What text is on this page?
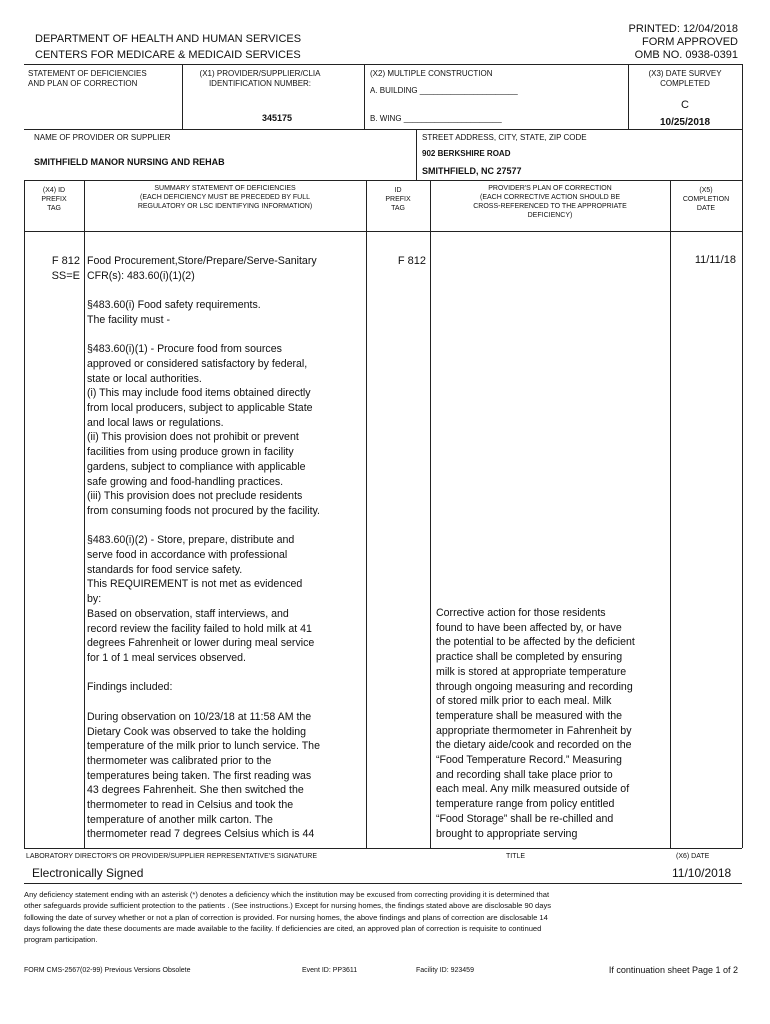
DEPARTMENT OF HEALTH AND HUMAN SERVICES
CENTERS FOR MEDICARE & MEDICAID SERVICES
PRINTED: 12/04/2018
FORM APPROVED
OMB NO. 0938-0391
STATEMENT OF DEFICIENCIES
AND PLAN OF CORRECTION
(X1) PROVIDER/SUPPLIER/CLIA
IDENTIFICATION NUMBER:
345175
(X2) MULTIPLE CONSTRUCTION
A. BUILDING ______________________
B. WING ______________________
(X3) DATE SURVEY
COMPLETED
C
10/25/2018
NAME OF PROVIDER OR SUPPLIER
SMITHFIELD MANOR NURSING AND REHAB
STREET ADDRESS, CITY, STATE, ZIP CODE
902 BERKSHIRE ROAD
SMITHFIELD, NC 27577
(X4) ID
PREFIX
TAG
SUMMARY STATEMENT OF DEFICIENCIES
(EACH DEFICIENCY MUST BE PRECEDED BY FULL
REGULATORY OR LSC IDENTIFYING INFORMATION)
ID
PREFIX
TAG
PROVIDER'S PLAN OF CORRECTION
(EACH CORRECTIVE ACTION SHOULD BE
CROSS-REFERENCED TO THE APPROPRIATE
DEFICIENCY)
(X5)
COMPLETION
DATE
F 812
SS=E
Food Procurement,Store/Prepare/Serve-Sanitary
CFR(s): 483.60(i)(1)(2)

§483.60(i) Food safety requirements.
The facility must -

§483.60(i)(1) - Procure food from sources
approved or considered satisfactory by federal,
state or local authorities.
(i) This may include food items obtained directly
from local producers, subject to applicable State
and local laws or regulations.
(ii) This provision does not prohibit or prevent
facilities from using produce grown in facility
gardens, subject to compliance with applicable
safe growing and food-handling practices.
(iii) This provision does not preclude residents
from consuming foods not procured by the facility.

§483.60(i)(2) - Store, prepare, distribute and
serve food in accordance with professional
standards for food service safety.
This REQUIREMENT is not met as evidenced
by:
Based on observation, staff interviews, and
record review the facility failed to hold milk at 41
degrees Fahrenheit or lower during meal service
for 1 of 1 meal services observed.

Findings included:

During observation on 10/23/18 at 11:58 AM the
Dietary Cook was observed to take the holding
temperature of the milk prior to lunch service. The
thermometer was calibrated prior to the
temperatures being taken. The first reading was
43 degrees Fahrenheit. She then switched the
thermometer to read in Celsius and took the
temperature of another milk carton. The
thermometer read 7 degrees Celsius which is 44
F 812
Corrective action for those residents
found to have been affected by, or have
the potential to be affected by the deficient
practice shall be completed by ensuring
milk is stored at appropriate temperature
through ongoing measuring and recording
of stored milk prior to each meal. Milk
temperature shall be measured with the
appropriate thermometer in Fahrenheit by
the dietary aide/cook and recorded on the
“Food Temperature Record.” Measuring
and recording shall take place prior to
each meal. Any milk measured outside of
temperature range from policy entitled
“Food Storage” shall be re-chilled and
brought to appropriate serving
11/11/18
LABORATORY DIRECTOR'S OR PROVIDER/SUPPLIER REPRESENTATIVE'S SIGNATURE	TITLE	(X6) DATE
Electronically Signed	11/10/2018
Any deficiency statement ending with an asterisk (*) denotes a deficiency which the institution may be excused from correcting providing it is determined that
other safeguards provide sufficient protection to the patients . (See instructions.) Except for nursing homes, the findings stated above are disclosable 90 days
following the date of survey whether or not a plan of correction is provided. For nursing homes, the above findings and plans of correction are disclosable 14
days following the date these documents are made available to the facility. If deficiencies are cited, an approved plan of correction is requisite to continued
program participation.
FORM CMS-2567(02-99) Previous Versions Obsolete	Event ID: PP3611	Facility ID: 923459	If continuation sheet Page 1 of 2
